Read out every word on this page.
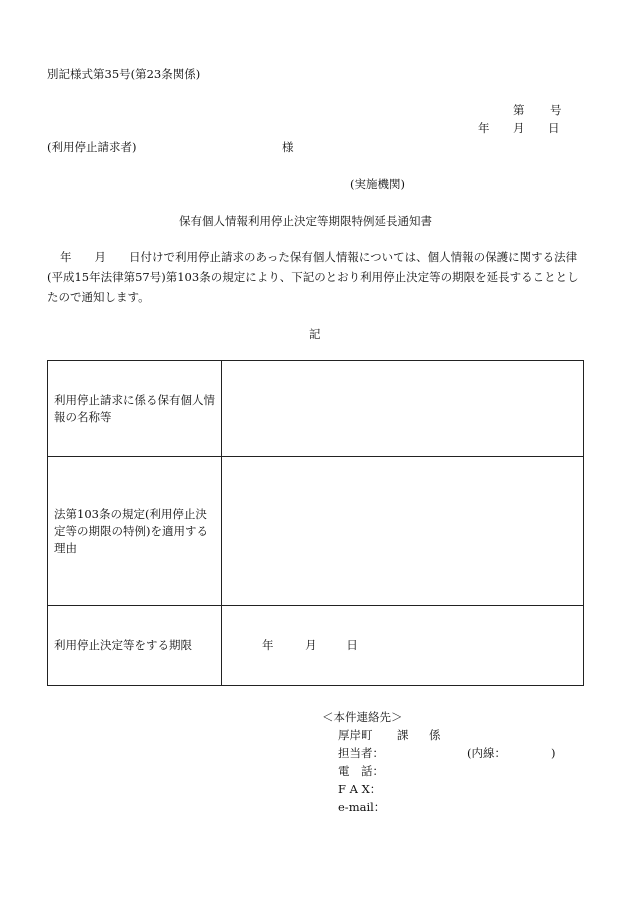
別記様式第35号(第23条関係)
第 号
年 月 日
(利用停止請求者)	様
(実施機関)
保有個人情報利用停止決定等期限特例延長通知書

年　　月　　日付けで利用停止請求のあった保有個人情報については、個人情報の保護に関する法律

(平成15年法律第57号)第103条の規定により、下記のとおり利用停止決定等の期限を延長することとし

たので通知します。

記
利用停止請求に係る保有個人情報の名称等	
法第103条の規定(利用停止決定等の期限の特例)を適用する理由	
利用停止決定等をする期限	年 月 日
＜本件連絡先＞
厚岸町 課 係
担当者：	(内線：	)
電　話：
F A X：
e-mail：
